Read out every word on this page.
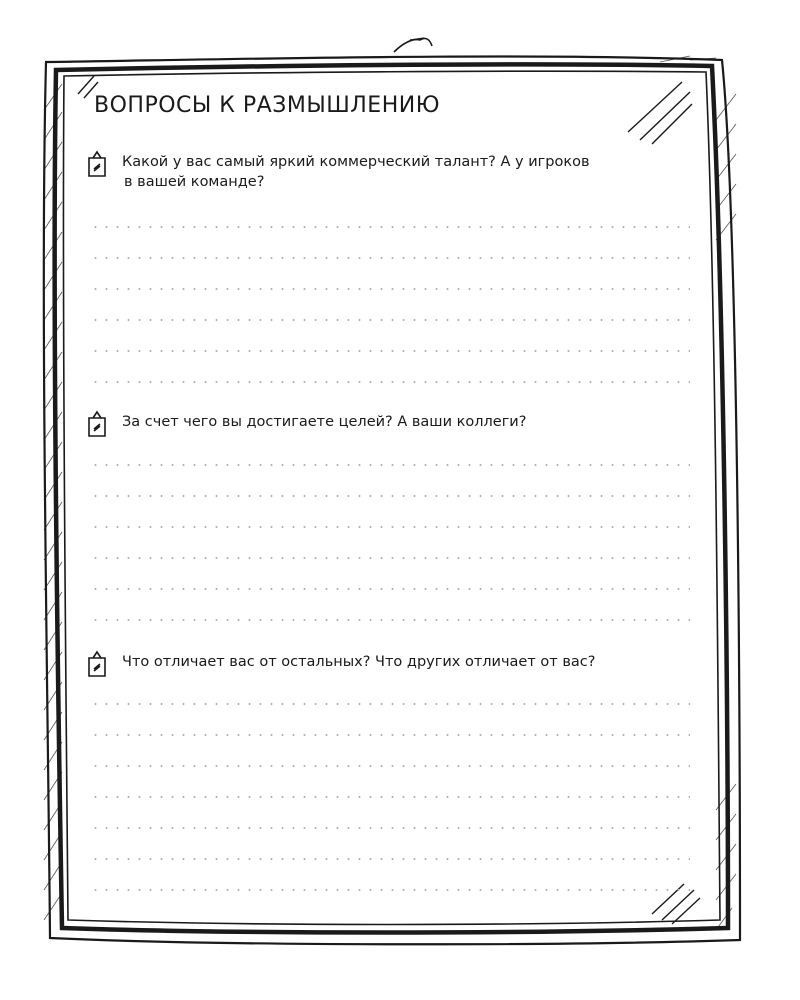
ВОПРОСЫ К РАЗМЫШЛЕНИЮ
Какой у вас самый яркий коммерческий талант? А у игроков
в вашей команде?
За счет чего вы достигаете целей? А ваши коллеги?
Что отличает вас от остальных? Что других отличает от вас?
